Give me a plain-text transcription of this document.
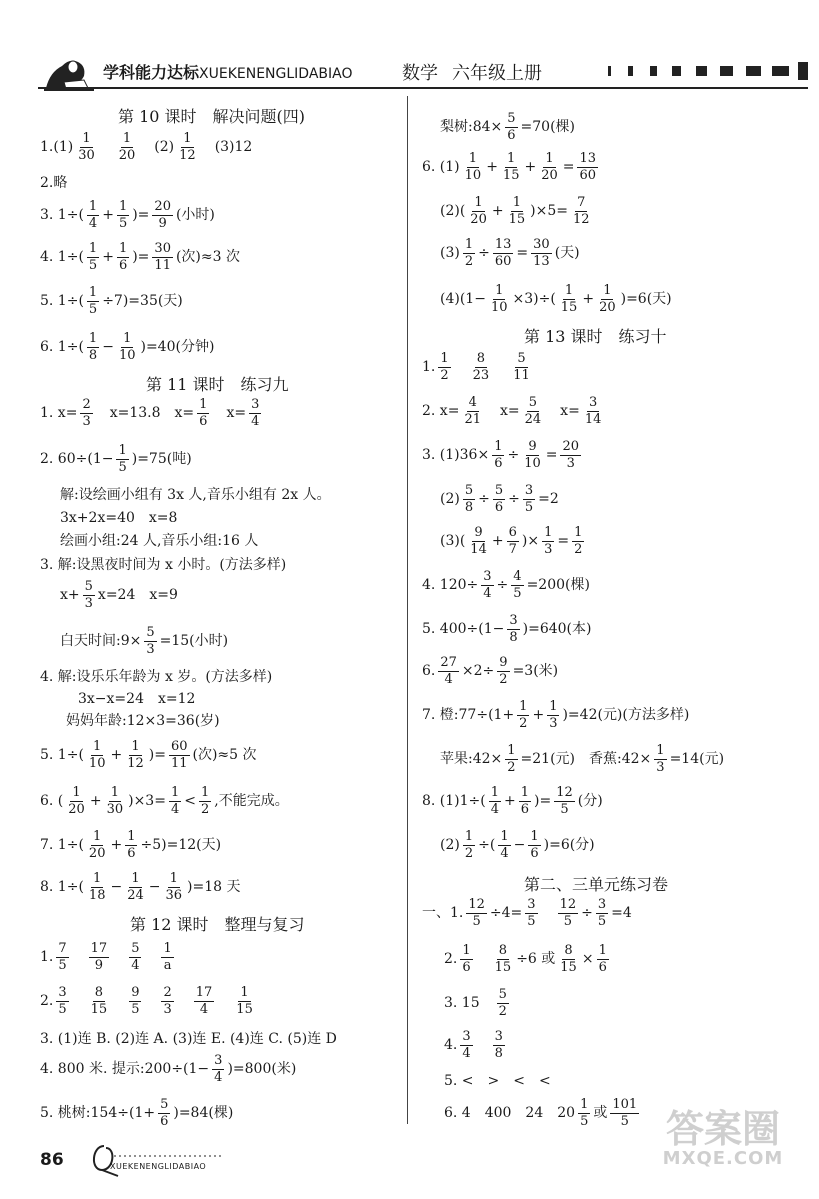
学科能力达标XUEKENENGLIDABIAO	数学 六年级上册
第 10 课时　解决问题(四)
$1.(1) \frac{1}{30} \frac{1}{20} (2) \frac{1}{12} (3)12$
2.略
3. $1\div( \frac{1}{4} + \frac{1}{5}$ )= $\frac{20}{9}$ (小时)
4. $1\div( \frac{1}{5} + \frac{1}{6}$ )= $\frac{30}{11}$ (次)≈3 次
5. $1\div( \frac{1}{5} \div 7)=35$(天)
6. $1\div( \frac{1}{8} - \frac{1}{10} )=40$(分钟)
第 11 课时　练习九
1. $x= \frac{2}{3} x=13.8$ $x= \frac{1}{6} x= \frac{3}{4}$
2. $60\div(1- \frac{1}{5} )=75$(吨)
解:设绘画小组有 3x 人,音乐小组有 2x 人。
3x+2x=40　x=8
绘画小组:24 人,音乐小组:16 人
3. 解:设黑夜时间为 x 小时。(方法多样)
$x+ \frac{5}{3} x=24$　x=9
白天时间:9× $\frac{5}{3} =15$(小时)
4. 解:设乐乐年龄为 x 岁。(方法多样)
3x−x=24　x=12
妈妈年龄:12×3=36(岁)
5. $1\div( \frac{1}{10} + \frac{1}{12}$ )= $\frac{60}{11}$ (次)≈5 次
6. ( $\frac{1}{20} + \frac{1}{30} )\times 3= \frac{1}{4} < \frac{1}{2}$ ,不能完成。
7. $1\div( \frac{1}{20} + \frac{1}{6} \div 5)=12$(天)
8. $1\div( \frac{1}{18} - \frac{1}{24} - \frac{1}{36} )=18$ 天
第 12 课时　整理与复习
1. $\frac{7}{5} \frac{17}{9} \frac{5}{4} \frac{1}{a}$
2. $\frac{3}{5} \frac{8}{15} \frac{9}{5} \frac{2}{3} \frac{17}{4} \frac{1}{15}$
3. (1)连 B. (2)连 A. (3)连 E. (4)连 C. (5)连 D
4. 800 米. 提示:200÷(1− $\frac{3}{4} )=800$(米)
5. 桃树:154÷(1+ $\frac{5}{6} )=84$(棵)
梨树:84× $\frac{5}{6} =70$(棵)
6. $(1) \frac{1}{10} + \frac{1}{15} + \frac{1}{20} = \frac{13}{60}$
$(2)( \frac{1}{20} + \frac{1}{15} )\times 5= \frac{7}{12}$
$(3) \frac{1}{2} \div \frac{13}{60} = \frac{30}{13}$ (天)
$(4)(1- \frac{1}{10} \times 3)\div( \frac{1}{15} + \frac{1}{20} )=6$(天)
第 13 课时　练习十
1. $\frac{1}{2} \frac{8}{23} \frac{5}{11}$
2. $x= \frac{4}{21} x= \frac{5}{24} x= \frac{3}{14}$
3. $(1)36\times \frac{1}{6} \div \frac{9}{10} = \frac{20}{3}$
$(2) \frac{5}{8} \div \frac{5}{6} \div \frac{3}{5} =2$
$(3)( \frac{9}{14} + \frac{6}{7}$ )× $\frac{1}{3} = \frac{1}{2}$
4. $120\div \frac{3}{4} \div \frac{4}{5} =200$(棵)
5. $400\div(1- \frac{3}{8} )=640$(本)
6. $\frac{27}{4} \times 2\div \frac{9}{2} =3$(米)
7. 橙:77÷(1+ $\frac{1}{2} + \frac{1}{3} )=42$(元)(方法多样)
苹果:42× $\frac{1}{2} =21$(元)　香蕉:42× $\frac{1}{3} =14$(元)
8. $(1)1\div( \frac{1}{4} + \frac{1}{6}$ )= $\frac{12}{5}$ (分)
$(2) \frac{1}{2}$ ÷( $\frac{1}{4} - \frac{1}{6} )=6$(分)
第二、三单元练习卷
一、1. $\frac{12}{5} \div 4= \frac{3}{5} \frac{12}{5} \div \frac{3}{5} =4$
2. $\frac{1}{6} \frac{8}{15} \div 6$ 或 $\frac{8}{15} \times \frac{1}{6}$
3. $15 \frac{5}{2}$
4. $\frac{3}{4} \frac{3}{8}$
5. <　>　<　<
6. 4　400　24　$20 \frac{1}{5}$ 或 $\frac{101}{5}$
86	XUEKENENGLIDABIAO
答案圈
MXQE.COM
